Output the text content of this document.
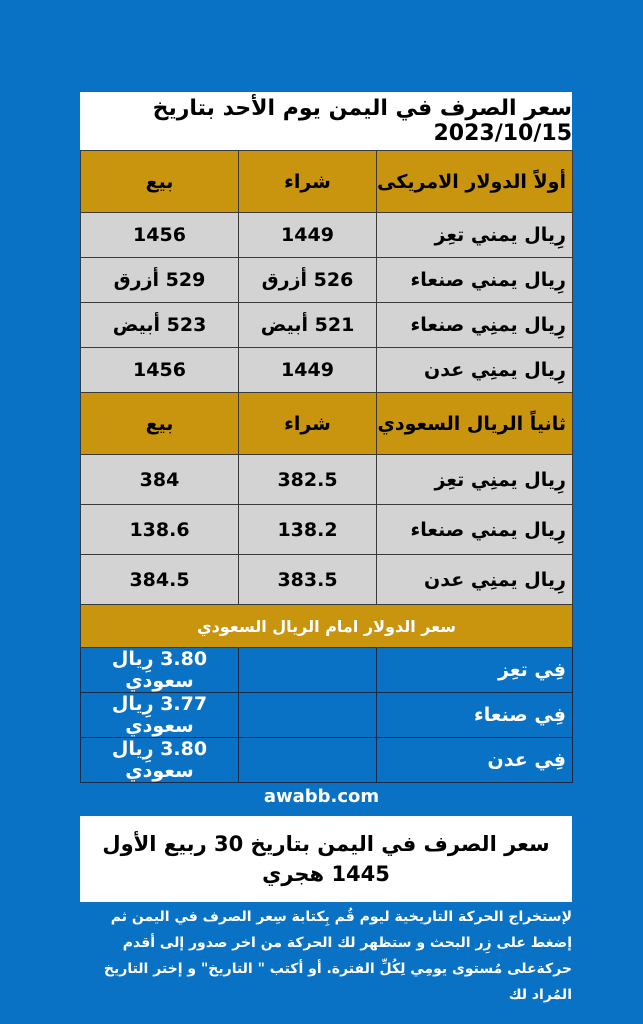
سعر الصرف في اليمن يوم الأحد بتاريخ 2023/10/15
أولاً الدولار الامريكى	شراء	بيع
رِيال يمني تعِز	1449	1456
رِيال يمني صنعاء	526 أزرق	529 أزرق
رِيال يمنِي صنعاء	521 أبيض	523 أبيض
رِيال يمنِي عدن	1449	1456
ثانياً الريال السعودي	شراء	بيع
رِيال يمنِي تعِز	382.5	384
رِيال يمني صنعاء	138.2	138.6
رِيال يمنِي عدن	383.5	384.5
سعر الدولار امام الريال السعودي		
فِي تعِز		3.80 رِيال سعودي
فِي صنعاء		3.77 رِيال سعودي
فِي عدن		3.80 رِيال سعودي
awabb.com
سعر الصرف في اليمن بتاريخ 30 ربيع الأول 1445 هجري
لإستخراج الحركة التاريخية ليوم قُم بِكتابة سِعر الصرف في اليمن ثم إضغط على زِر البحث و ستظهر لك الحركة من اخر صدور إلى أقدم حركةعلى مُستوى يومِي لِكُلِّ الفترة. أو أكتب " التاريخ" و إختر التاريخ المُراد لك
